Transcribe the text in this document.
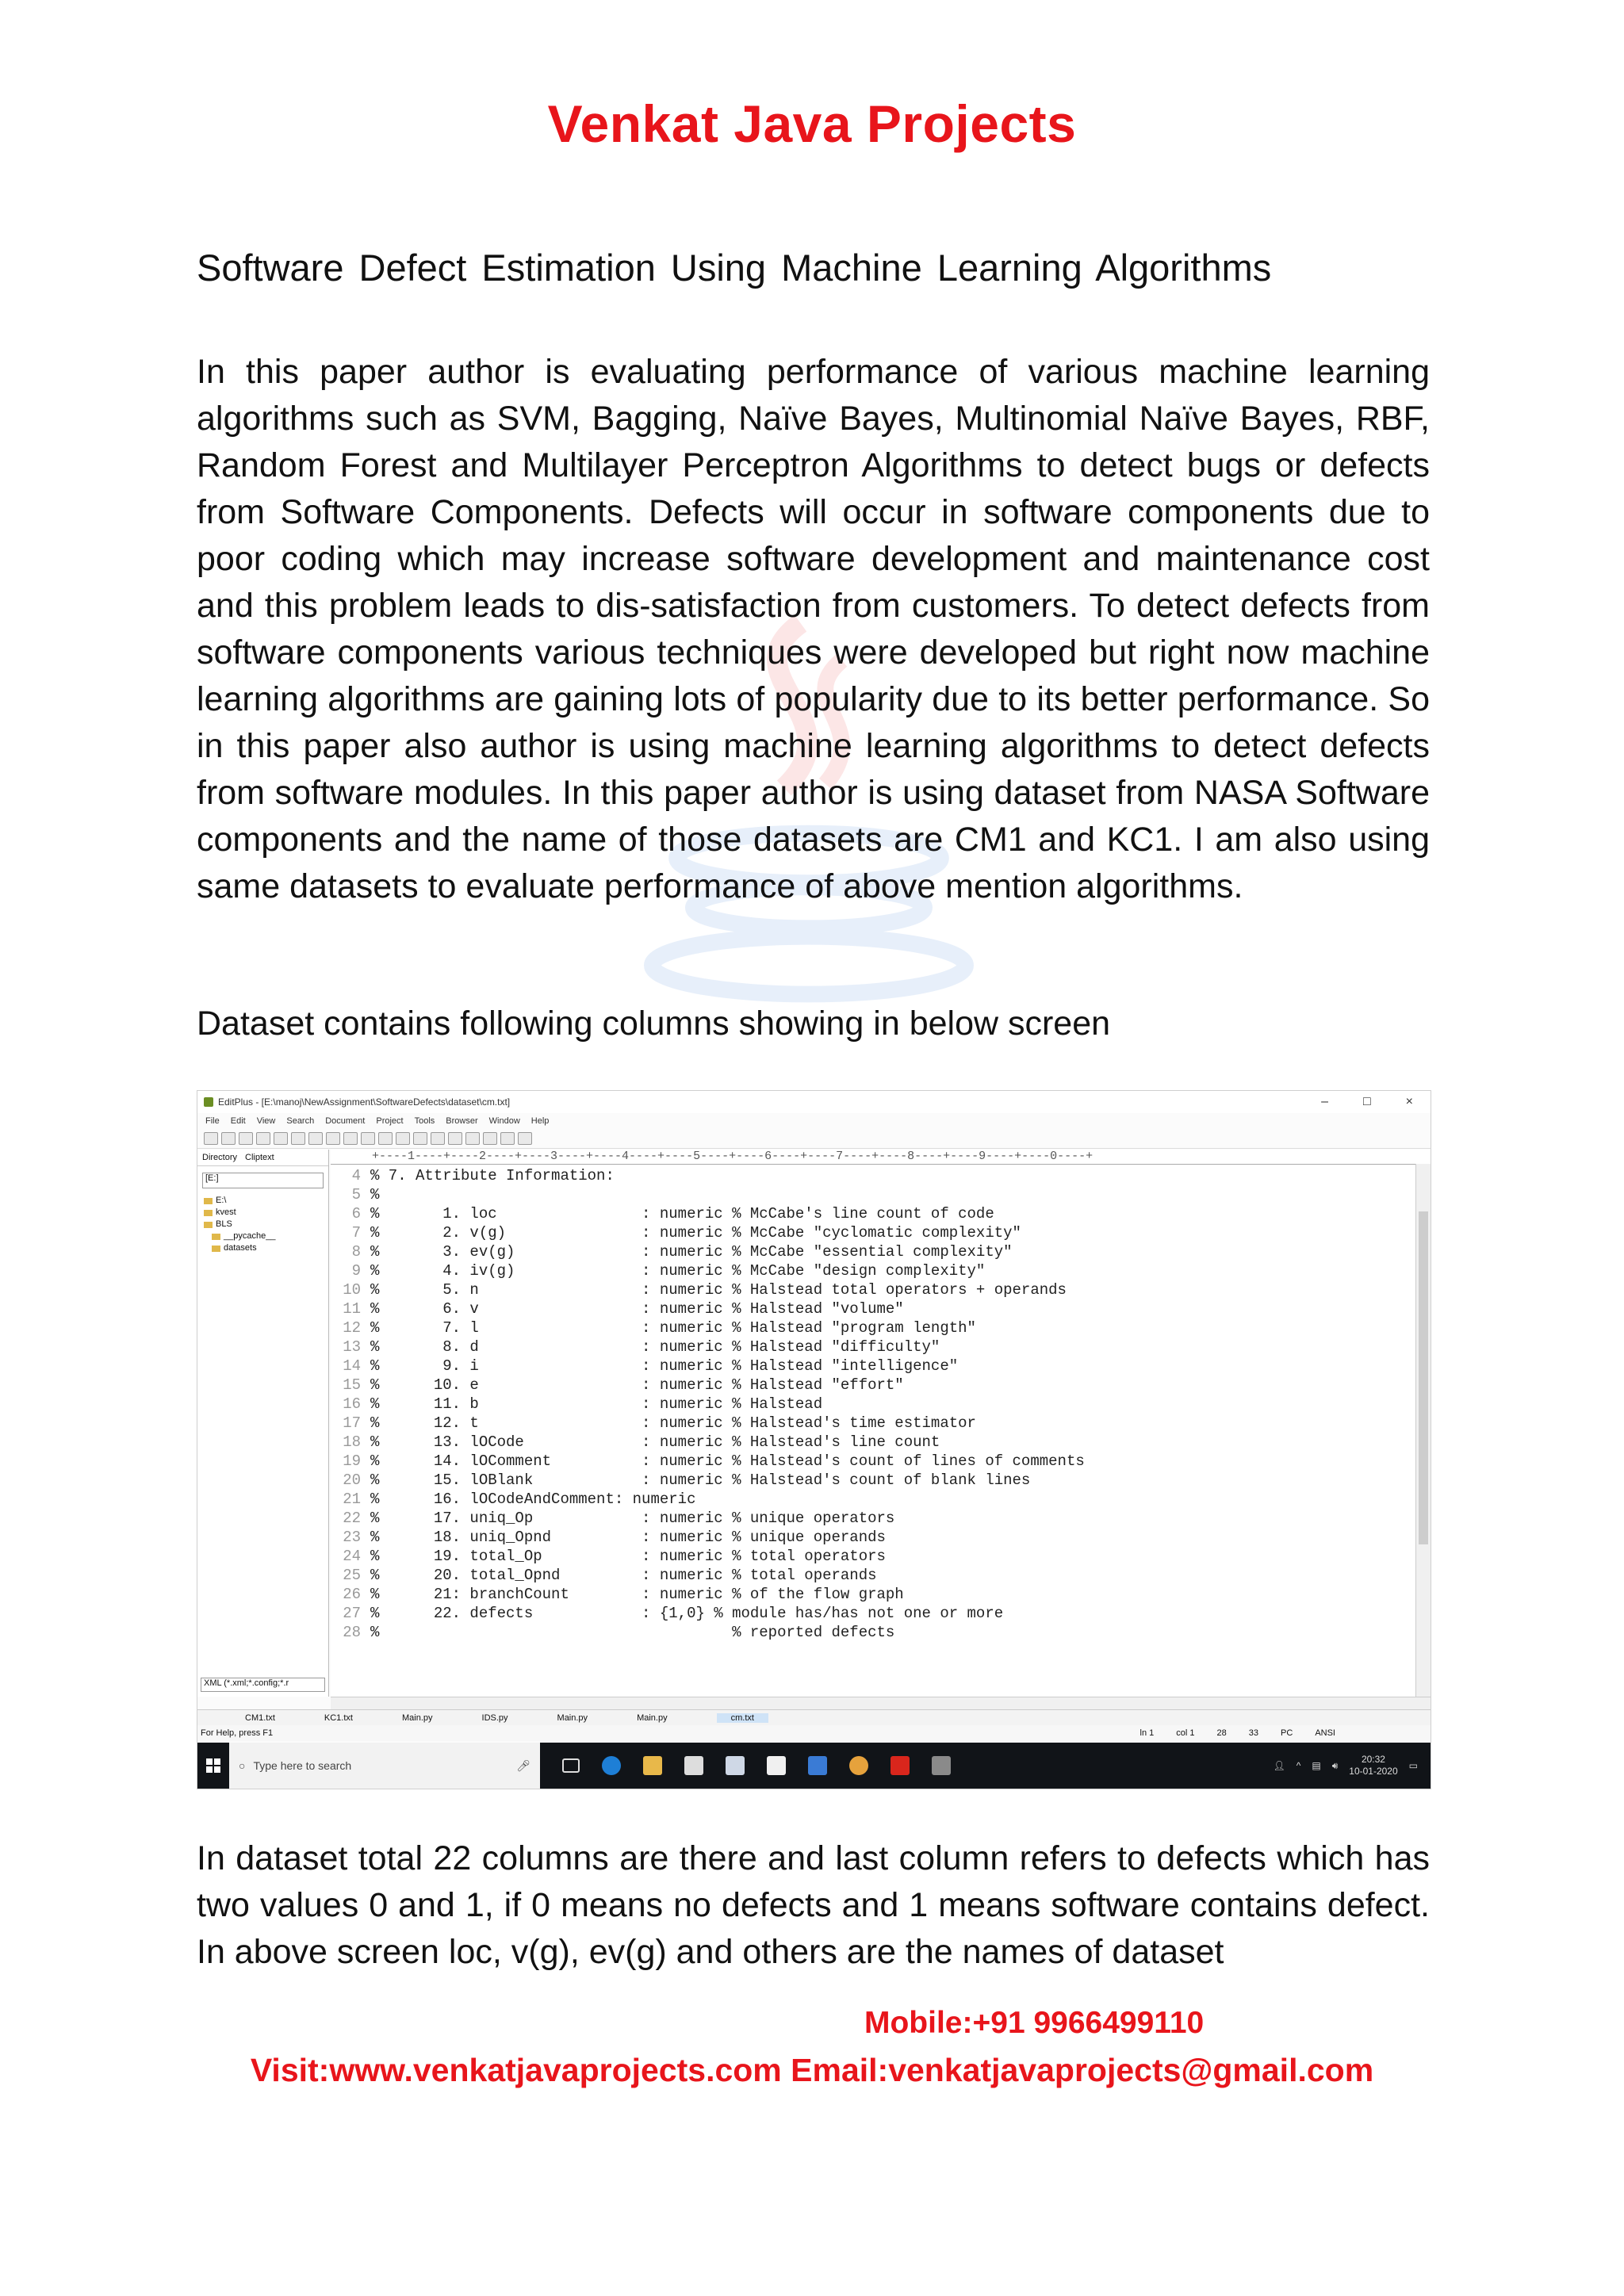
Venkat Java Projects
Software Defect Estimation Using Machine Learning Algorithms
In this paper author is evaluating performance of various machine learning algorithms such as SVM, Bagging, Naïve Bayes, Multinomial Naïve Bayes, RBF, Random Forest and Multilayer Perceptron Algorithms to detect bugs or defects from Software Components. Defects will occur in software components due to poor coding which may increase software development and maintenance cost and this problem leads to dis-satisfaction from customers. To detect defects from software components various techniques were developed but right now machine learning algorithms are gaining lots of popularity due to its better performance. So in this paper also author is using machine learning algorithms to detect defects from software modules. In this paper author is using dataset from NASA Software components and the name of those datasets are CM1 and KC1. I am also using same datasets to evaluate performance of above mention algorithms.
Dataset contains following columns showing in below screen
EditPlus - [E:\manoj\NewAssignment\SoftwareDefects\dataset\cm.txt]	–	□	×
File Edit View Search Document Project Tools Browser Window Help
Directory Cliptext
[E:]
E:\
kvest
BLS
__pycache__
datasets
XML (*.xml;*.config;*.r
+----1----+----2----+----3----+----4----+----5----+----6----+----7----+----8----+----9----+----0----+
4 % 7. Attribute Information:
5 %
6 %       1. loc                : numeric % McCabe's line count of code
7 %       2. v(g)               : numeric % McCabe "cyclomatic complexity"
8 %       3. ev(g)              : numeric % McCabe "essential complexity"
9 %       4. iv(g)              : numeric % McCabe "design complexity"
10 %       5. n                  : numeric % Halstead total operators + operands
11 %       6. v                  : numeric % Halstead "volume"
12 %       7. l                  : numeric % Halstead "program length"
13 %       8. d                  : numeric % Halstead "difficulty"
14 %       9. i                  : numeric % Halstead "intelligence"
15 %      10. e                  : numeric % Halstead "effort"
16 %      11. b                  : numeric % Halstead
17 %      12. t                  : numeric % Halstead's time estimator
18 %      13. lOCode             : numeric % Halstead's line count
19 %      14. lOComment          : numeric % Halstead's count of lines of comments
20 %      15. lOBlank            : numeric % Halstead's count of blank lines
21 %      16. lOCodeAndComment: numeric
22 %      17. uniq_Op            : numeric % unique operators
23 %      18. uniq_Opnd          : numeric % unique operands
24 %      19. total_Op           : numeric % total operators
25 %      20. total_Opnd         : numeric % total operands
26 %      21: branchCount        : numeric % of the flow graph
27 %      22. defects            : {1,0} % module has/has not one or more
28 %                                       % reported defects
CM1.txt	KC1.txt	Main.py	IDS.py	Main.py	Main.py	cm.txt
For Help, press F1	ln 1	col 1	28	33	PC	ANSI
○ Type here to search	🎤︎	👤︎ ^ ▤ 🔊︎
20:32
10-01-2020 ▭
In dataset total 22 columns are there and last column refers to defects which has two values 0 and 1, if 0 means no defects and 1 means software contains defect. In above screen loc, v(g), ev(g) and others are the names of dataset
Mobile:+91 9966499110
Visit:www.venkatjavaprojects.com Email:venkatjavaprojects@gmail.com
